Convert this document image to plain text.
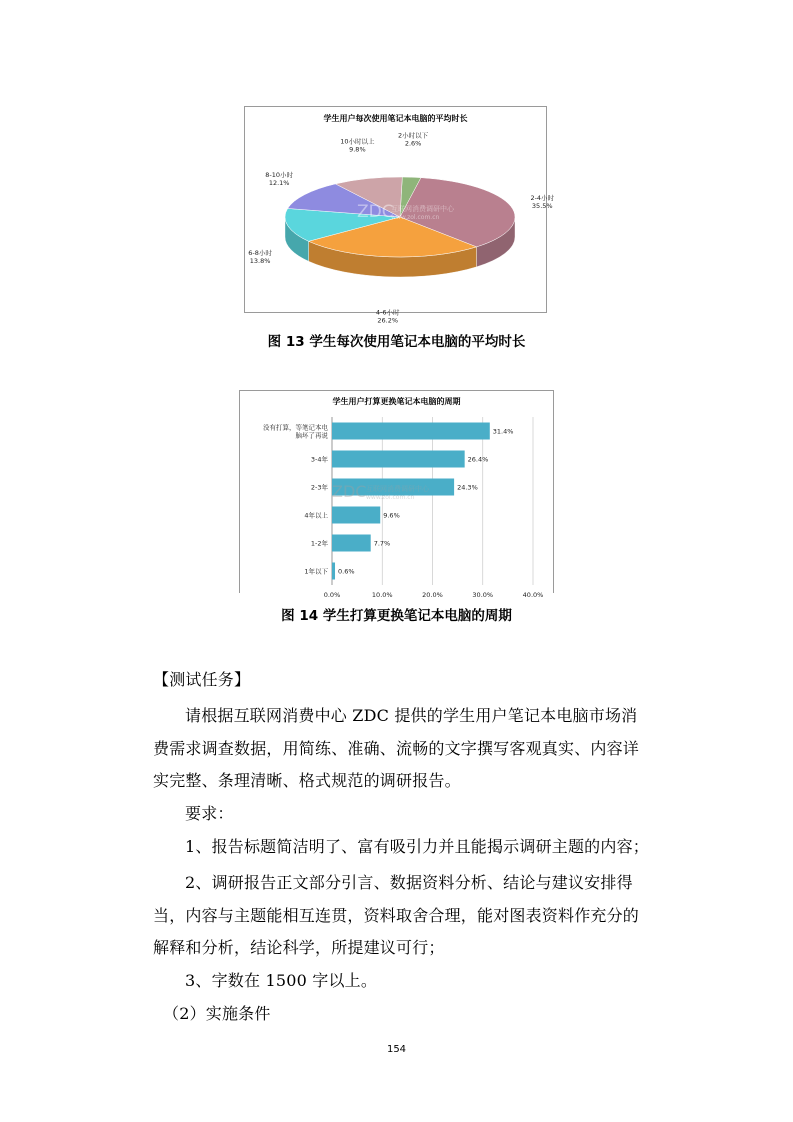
学生用户每次使用笔记本电脑的平均时长
2小时以下
2.6%
2-4小时
35.5%
4-6小时
26.2%
6-8小时
13.8%
8-10小时
12.1%
10小时以上
9.8%
ZDC
互联网消费调研中心
www.zol.com.cn
图 13 学生每次使用笔记本电脑的平均时长
学生用户打算更换笔记本电脑的周期
0.0%	10.0%	20.0%	30.0%	40.0%
31.4%
没有打算，等笔记本电
脑坏了再说
26.4%
3-4年
24.3%
2-3年
9.6%
4年以上
7.7%
1-2年
0.6%
1年以下
ZDC 互联网消费调研中心
www.zol.com.cn
图 14 学生打算更换笔记本电脑的周期
【测试任务】
请根据互联网消费中心 ZDC 提供的学生用户笔记本电脑市场消
费需求调查数据，用简练、准确、流畅的文字撰写客观真实、内容详
实完整、条理清晰、格式规范的调研报告。
要求：
1、报告标题简洁明了、富有吸引力并且能揭示调研主题的内容；
2、调研报告正文部分引言、数据资料分析、结论与建议安排得
当，内容与主题能相互连贯，资料取舍合理，能对图表资料作充分的
解释和分析，结论科学，所提建议可行；
3、字数在 1500 字以上。
（2）实施条件
154
